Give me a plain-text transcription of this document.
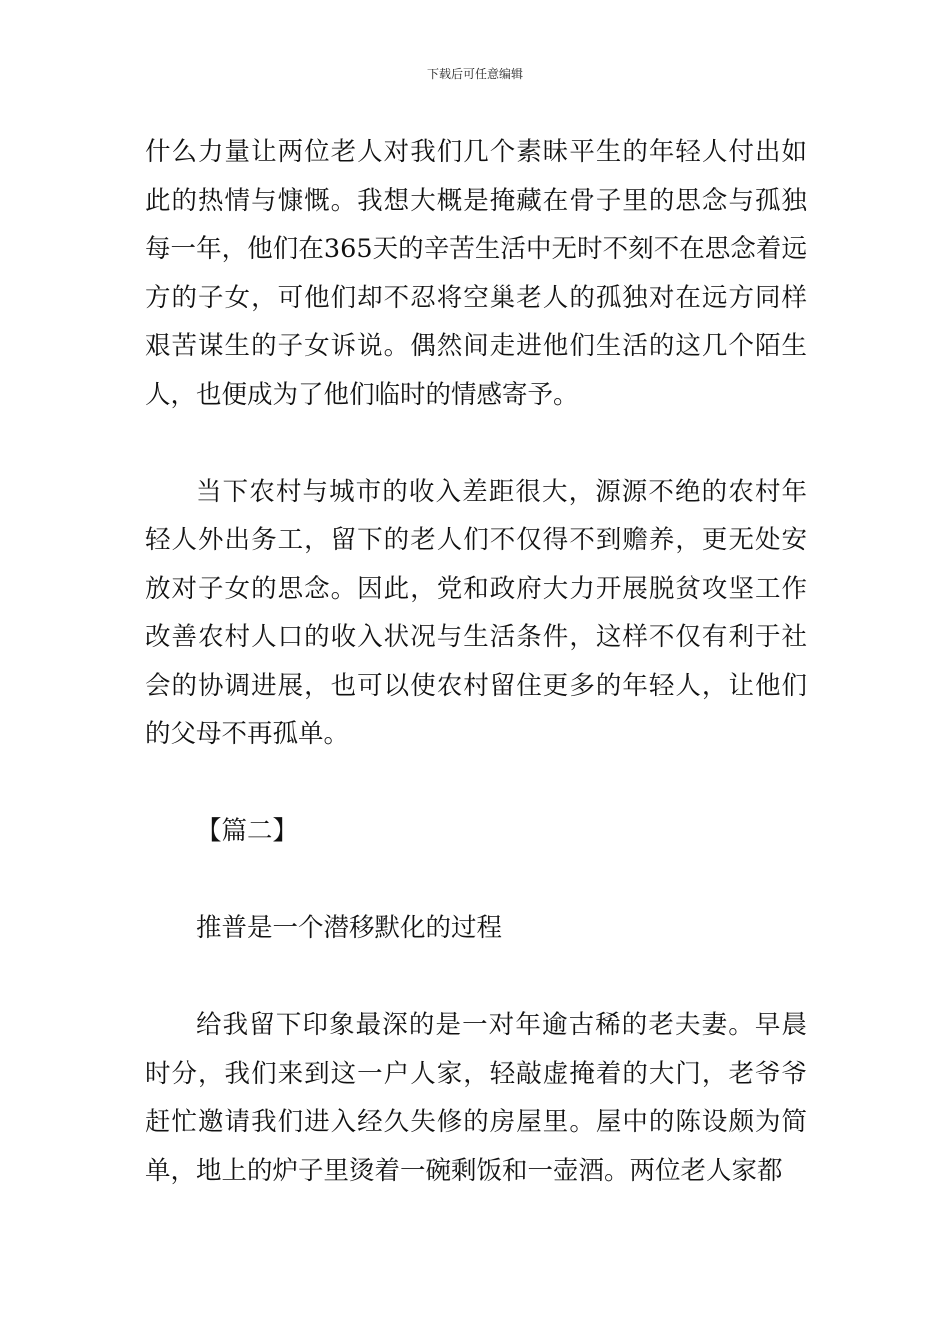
下载后可任意编辑

什么力量让两位老人对我们几个素昧平生的年轻人付出如此的热情与慷慨。我想大概是掩藏在骨子里的思念与孤独每一年，他们在365天的辛苦生活中无时不刻不在思念着远方的子女，可他们却不忍将空巢老人的孤独对在远方同样艰苦谋生的子女诉说。偶然间走进他们生活的这几个陌生人，也便成为了他们临时的情感寄予。

当下农村与城市的收入差距很大，源源不绝的农村年轻人外出务工，留下的老人们不仅得不到赡养，更无处安放对子女的思念。因此，党和政府大力开展脱贫攻坚工作改善农村人口的收入状况与生活条件，这样不仅有利于社会的协调进展，也可以使农村留住更多的年轻人，让他们的父母不再孤单。

【篇二】

推普是一个潜移默化的过程

给我留下印象最深的是一对年逾古稀的老夫妻。早晨时分，我们来到这一户人家，轻敲虚掩着的大门，老爷爷赶忙邀请我们进入经久失修的房屋里。屋中的陈设颇为简单，地上的炉子里烫着一碗剩饭和一壶酒。两位老人家都
